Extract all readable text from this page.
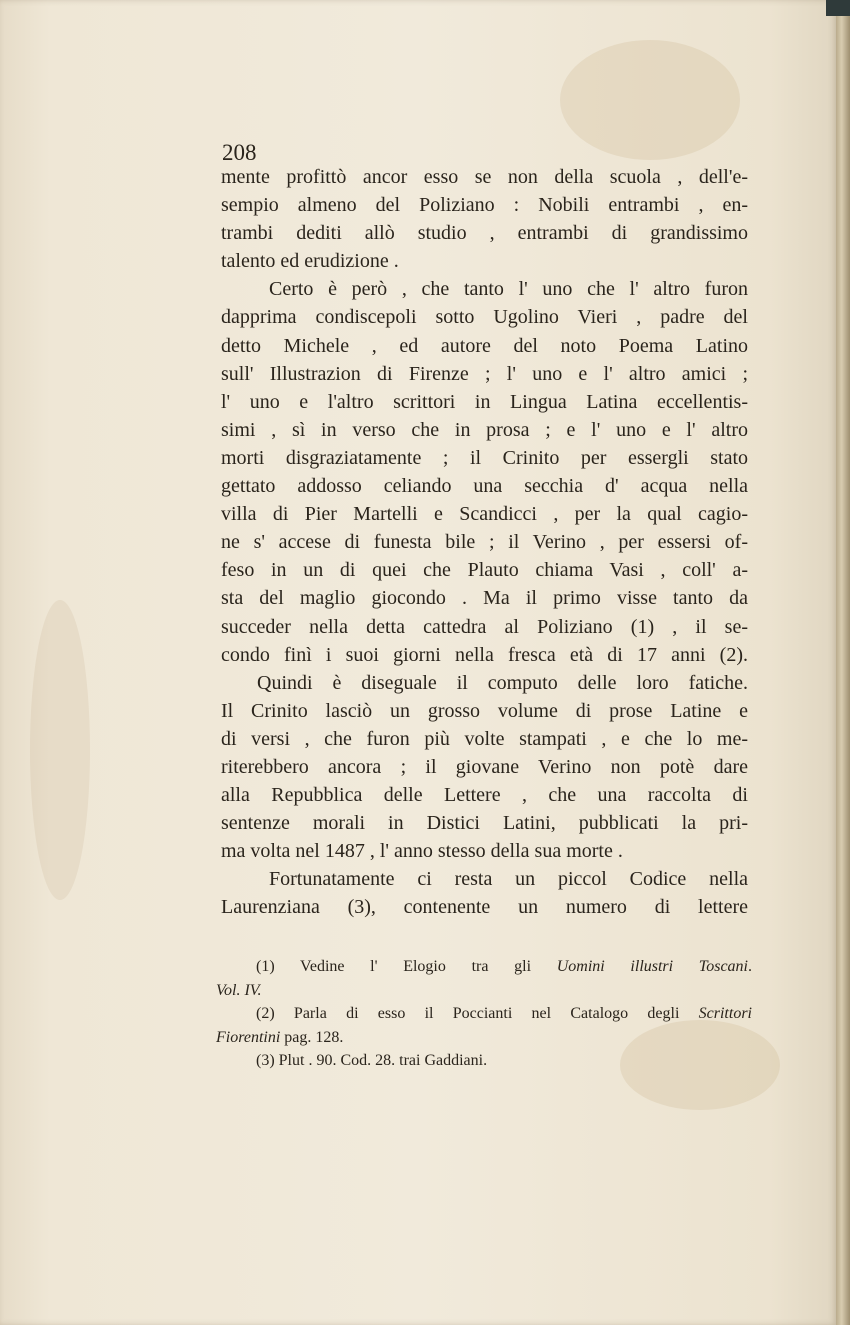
208
mente profittò ancor esso se non della scuola , dell'e-
sempio almeno del Poliziano : Nobili entrambi , en-
trambi dediti allò studio , entrambi di grandissimo
talento ed erudizione .
Certo è però , che tanto l' uno che l' altro furon
dapprima condiscepoli sotto Ugolino Vieri , padre del
detto Michele , ed autore del noto Poema Latino
sull' Illustrazion di Firenze ; l' uno e l' altro amici ;
l' uno e l'altro scrittori in Lingua Latina eccellentis-
simi , sì in verso che in prosa ; e l' uno e l' altro
morti disgraziatamente ; il Crinito per essergli stato
gettato addosso celiando una secchia d' acqua nella
villa di Pier Martelli e Scandicci , per la qual cagio-
ne s' accese di funesta bile ; il Verino , per essersi of-
feso in un di quei che Plauto chiama Vasi , coll' a-
sta del maglio giocondo . Ma il primo visse tanto da
succeder nella detta cattedra al Poliziano (1) , il se-
condo finì i suoi giorni nella fresca età di 17 anni (2).
Quindi è diseguale il computo delle loro fatiche.
Il Crinito lasciò un grosso volume di prose Latine e
di versi , che furon più volte stampati , e che lo me-
riterebbero ancora ; il giovane Verino non potè dare
alla Repubblica delle Lettere , che una raccolta di
sentenze morali in Distici Latini, pubblicati la pri-
ma volta nel 1487 , l' anno stesso della sua morte .
Fortunatamente ci resta un piccol Codice nella
Laurenziana (3), contenente un numero di lettere
(1) Vedine l' Elogio tra gli Uomini illustri Toscani.
Vol. IV.
(2) Parla di esso il Poccianti nel Catalogo degli Scrittori
Fiorentini pag. 128.
(3) Plut . 90. Cod. 28. trai Gaddiani.
